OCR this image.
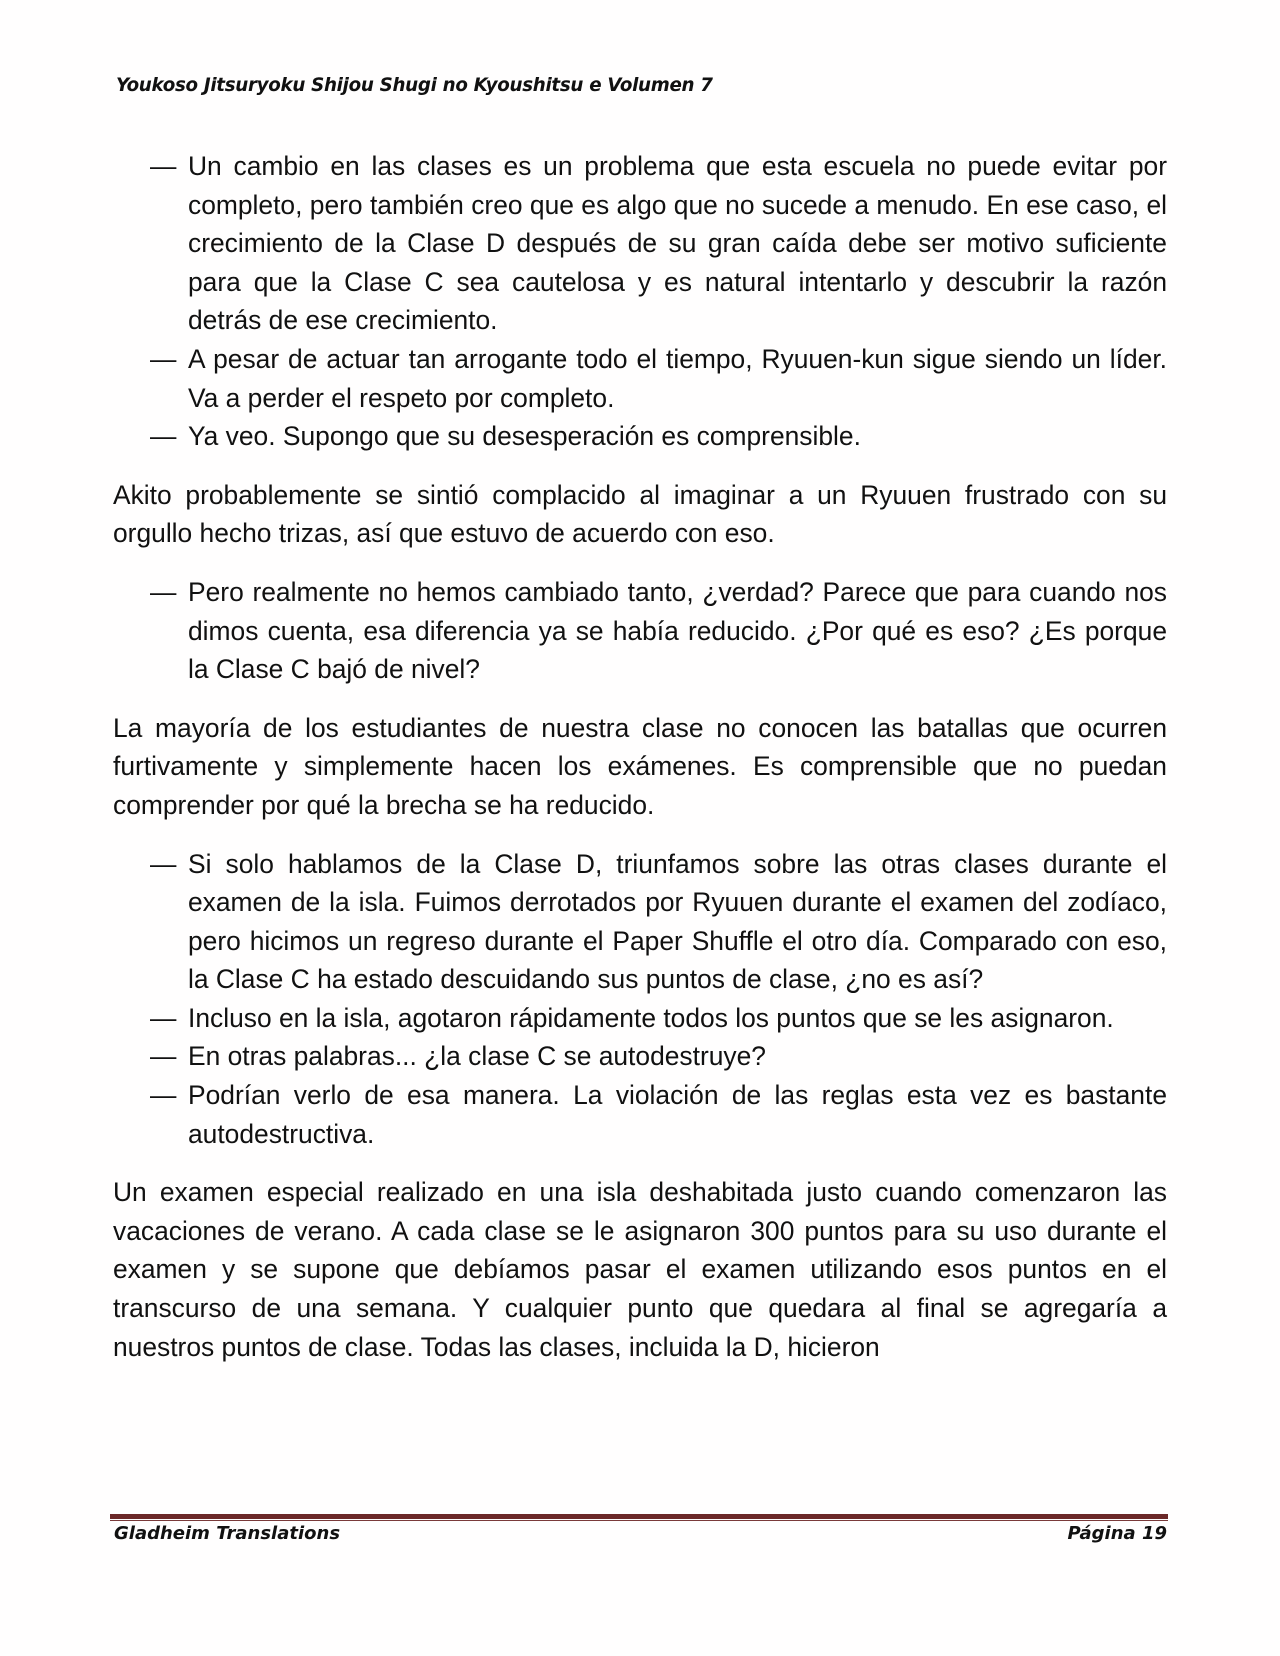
Youkoso Jitsuryoku Shijou Shugi no Kyoushitsu e Volumen 7
— Un cambio en las clases es un problema que esta escuela no puede evitar por completo, pero también creo que es algo que no sucede a menudo. En ese caso, el crecimiento de la Clase D después de su gran caída debe ser motivo suficiente para que la Clase C sea cautelosa y es natural intentarlo y descubrir la razón detrás de ese crecimiento.
— A pesar de actuar tan arrogante todo el tiempo, Ryuuen-kun sigue siendo un líder. Va a perder el respeto por completo.
— Ya veo. Supongo que su desesperación es comprensible.

Akito probablemente se sintió complacido al imaginar a un Ryuuen frustrado con su orgullo hecho trizas, así que estuvo de acuerdo con eso.

— Pero realmente no hemos cambiado tanto, ¿verdad? Parece que para cuando nos dimos cuenta, esa diferencia ya se había reducido. ¿Por qué es eso? ¿Es porque la Clase C bajó de nivel?

La mayoría de los estudiantes de nuestra clase no conocen las batallas que ocurren furtivamente y simplemente hacen los exámenes. Es comprensible que no puedan comprender por qué la brecha se ha reducido.

— Si solo hablamos de la Clase D, triunfamos sobre las otras clases durante el examen de la isla. Fuimos derrotados por Ryuuen durante el examen del zodíaco, pero hicimos un regreso durante el Paper Shuffle el otro día. Comparado con eso, la Clase C ha estado descuidando sus puntos de clase, ¿no es así?
— Incluso en la isla, agotaron rápidamente todos los puntos que se les asignaron.
— En otras palabras... ¿la clase C se autodestruye?
— Podrían verlo de esa manera. La violación de las reglas esta vez es bastante autodestructiva.

Un examen especial realizado en una isla deshabitada justo cuando comenzaron las vacaciones de verano. A cada clase se le asignaron 300 puntos para su uso durante el examen y se supone que debíamos pasar el examen utilizando esos puntos en el transcurso de una semana. Y cualquier punto que quedara al final se agregaría a nuestros puntos de clase. Todas las clases, incluida la D, hicieron

Gladheim Translations	Página 19
